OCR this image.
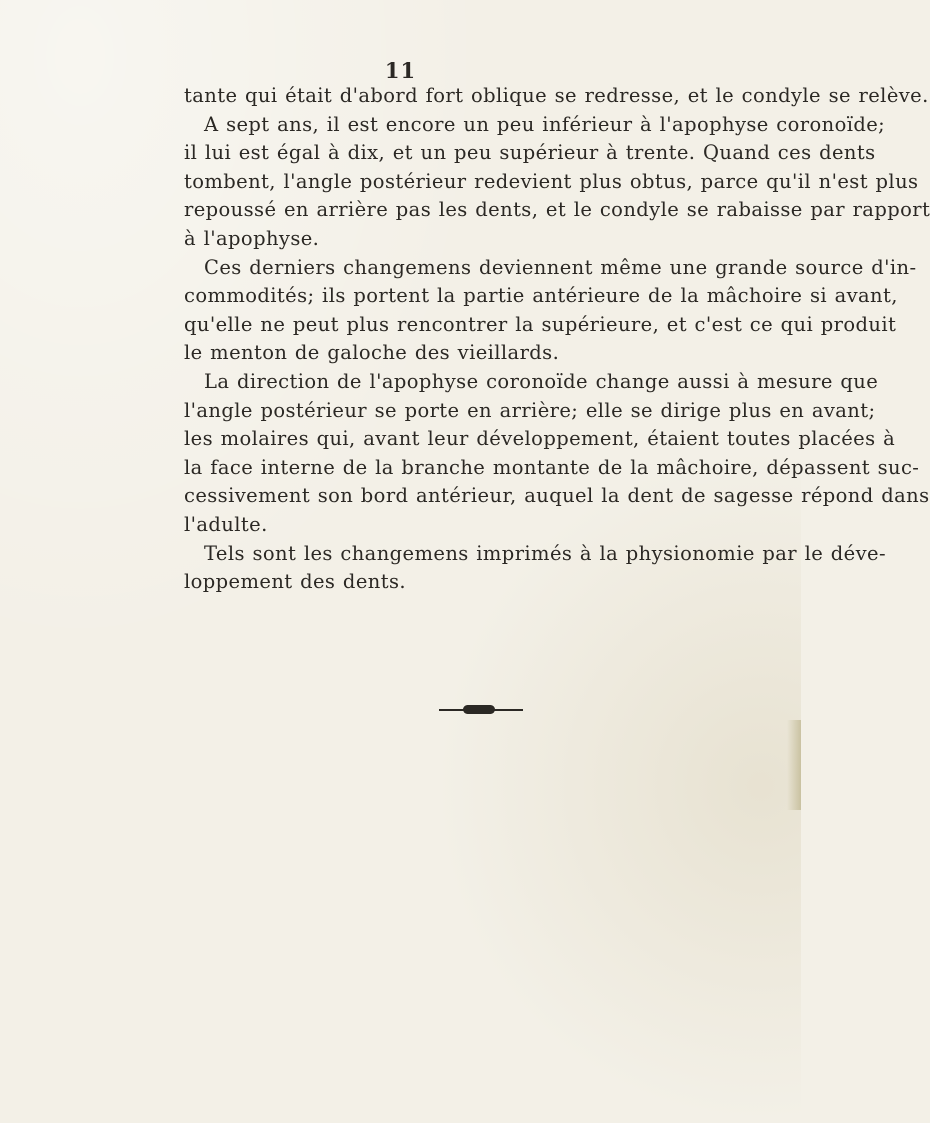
11
tante qui était d'abord fort oblique se redresse, et le condyle se relève.
A sept ans, il est encore un peu inférieur à l'apophyse coronoïde;
il lui est égal à dix, et un peu supérieur à trente. Quand ces dents
tombent, l'angle postérieur redevient plus obtus, parce qu'il n'est plus
repoussé en arrière pas les dents, et le condyle se rabaisse par rapport
à l'apophyse.
Ces derniers changemens deviennent même une grande source d'in-
commodités; ils portent la partie antérieure de la mâchoire si avant,
qu'elle ne peut plus rencontrer la supérieure, et c'est ce qui produit
le menton de galoche des vieillards.
La direction de l'apophyse coronoïde change aussi à mesure que
l'angle postérieur se porte en arrière; elle se dirige plus en avant;
les molaires qui, avant leur développement, étaient toutes placées à
la face interne de la branche montante de la mâchoire, dépassent suc-
cessivement son bord antérieur, auquel la dent de sagesse répond dans
l'adulte.
Tels sont les changemens imprimés à la physionomie par le déve-
loppement des dents.
